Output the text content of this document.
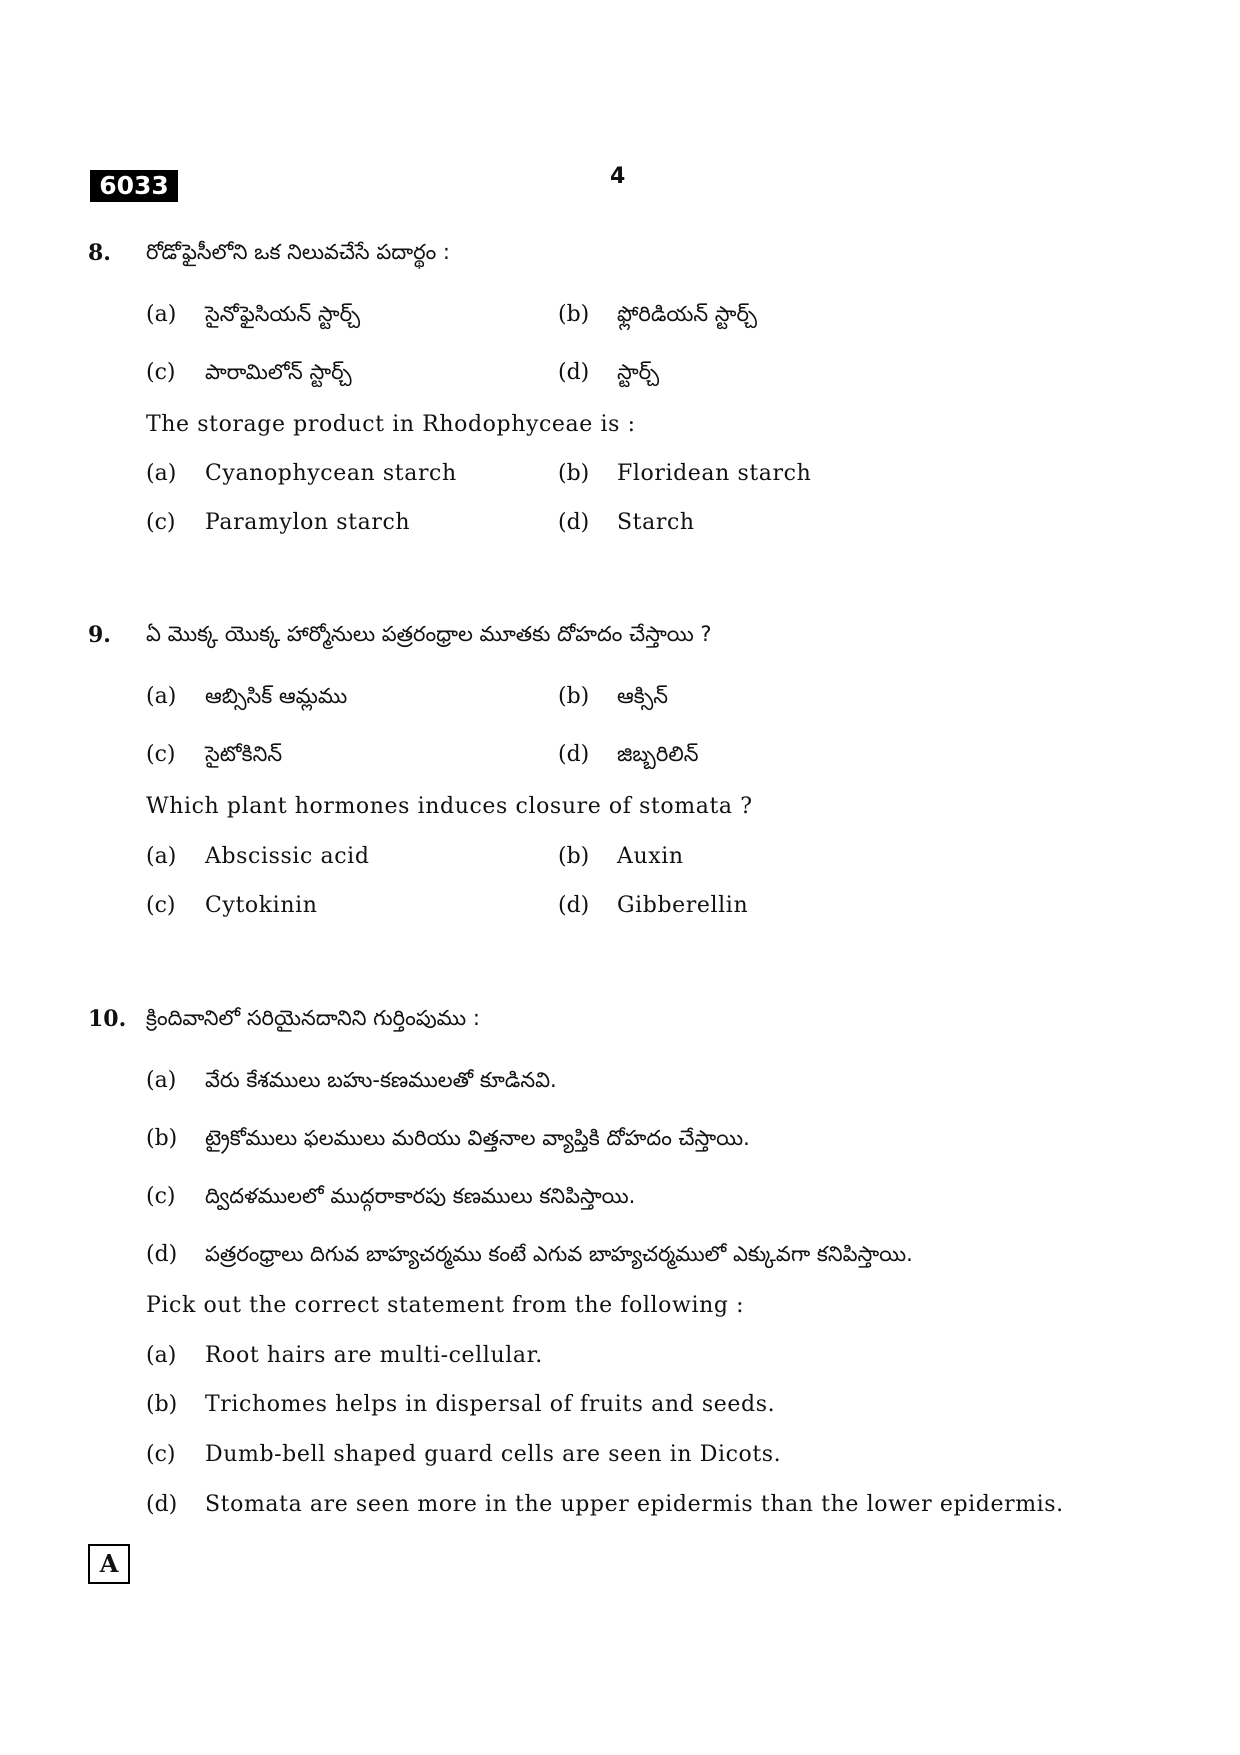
6033	4
8. రోడోఫైసీలోని ఒక నిలువచేసే పదార్థం :
(a) సైనోఫైసియన్ స్టార్చ్	(b) ఫ్లోరిడియన్ స్టార్చ్
(c) పారామిలోన్ స్టార్చ్	(d) స్టార్చ్
The storage product in Rhodophyceae is :
(a) Cyanophycean starch	(b) Floridean starch
(c) Paramylon starch	(d) Starch
9. ఏ మొక్క యొక్క హార్మోనులు పత్రరంధ్రాల మూతకు దోహదం చేస్తాయి ?
(a) ఆబ్సిసిక్ ఆమ్లము	(b) ఆక్సిన్
(c) సైటోకినిన్	(d) జిబ్బరిలిన్
Which plant hormones induces closure of stomata ?
(a) Abscissic acid	(b) Auxin
(c) Cytokinin	(d) Gibberellin
10. క్రిందివానిలో సరియైనదానిని గుర్తింపుము :
(a) వేరు కేశములు బహు-కణములతో కూడినవి.
(b) ట్రైకోములు ఫలములు మరియు విత్తనాల వ్యాప్తికి దోహదం చేస్తాయి.
(c) ద్విదళములలో ముద్గరాకారపు కణములు కనిపిస్తాయి.
(d) పత్రరంధ్రాలు దిగువ బాహ్యచర్మము కంటే ఎగువ బాహ్యచర్మములో ఎక్కువగా కనిపిస్తాయి.
Pick out the correct statement from the following :
(a) Root hairs are multi-cellular.
(b) Trichomes helps in dispersal of fruits and seeds.
(c) Dumb-bell shaped guard cells are seen in Dicots.
(d) Stomata are seen more in the upper epidermis than the lower epidermis.
A
